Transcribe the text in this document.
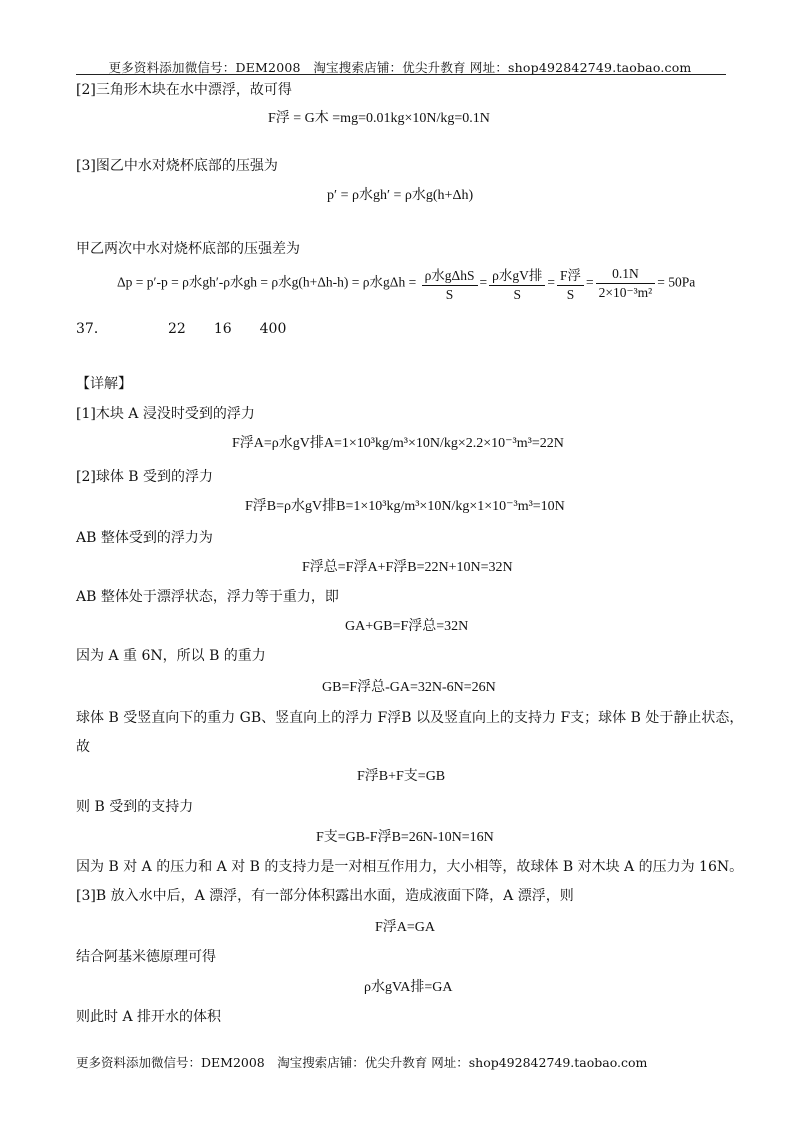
更多资料添加微信号：DEM2008　淘宝搜索店铺：优尖升教育 网址：shop492842749.taobao.com
[2]三角形木块在水中漂浮，故可得
F浮 = G木 =mg=0.01kg×10N/kg=0.1N
[3]图乙中水对烧杯底部的压强为
p′ = ρ水gh′ = ρ水g(h+Δh)
甲乙两次中水对烧杯底部的压强差为
Δp = p′-p = ρ水gh′-ρ水gh = ρ水g(h+Δh-h) = ρ水$g\Delta h = \frac{\text{ρ水gΔhS}}{S} = \frac{\text{ρ水gV排}}{S} = \frac{\text{F浮}}{S} = \frac{0.1N}{\text{2×10⁻³m²}} = 50Pa$
37．	22　　16　　400
【详解】
[1]木块 A 浸没时受到的浮力
F浮A=ρ水gV排A=1×10³kg/m³×10N/kg×2.2×10⁻³m³=22N
[2]球体 B 受到的浮力
F浮B=ρ水gV排B=1×10³kg/m³×10N/kg×1×10⁻³m³=10N
AB 整体受到的浮力为
F浮总=F浮A+F浮B=22N+10N=32N
AB 整体处于漂浮状态，浮力等于重力，即
GA+GB=F浮总=32N
因为 A 重 6N，所以 B 的重力
GB=F浮总-GA=32N-6N=26N
球体 B 受竖直向下的重力 GB、竖直向上的浮力 F浮B 以及竖直向上的支持力 F支；球体 B 处于静止状态，
故
F浮B+F支=GB
则 B 受到的支持力
F支=GB-F浮B=26N-10N=16N
因为 B 对 A 的压力和 A 对 B 的支持力是一对相互作用力，大小相等，故球体 B 对木块 A 的压力为 16N。
[3]B 放入水中后，A 漂浮，有一部分体积露出水面，造成液面下降，A 漂浮，则
F浮A=GA
结合阿基米德原理可得
ρ水gVA排=GA
则此时 A 排开水的体积
更多资料添加微信号：DEM2008　淘宝搜索店铺：优尖升教育 网址：shop492842749.taobao.com
